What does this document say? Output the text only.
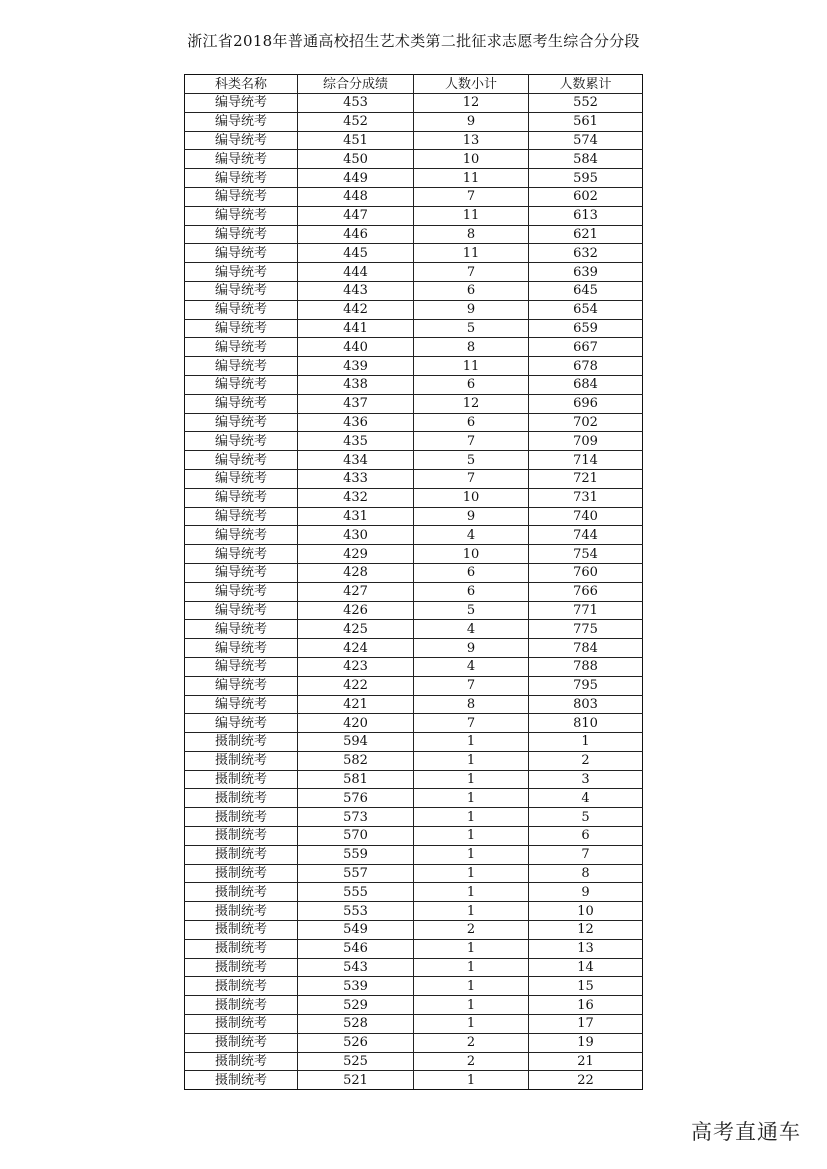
浙江省2018年普通高校招生艺术类第二批征求志愿考生综合分分段
科类名称	综合分成绩	人数小计	人数累计
编导统考	453	12	552
编导统考	452	9	561
编导统考	451	13	574
编导统考	450	10	584
编导统考	449	11	595
编导统考	448	7	602
编导统考	447	11	613
编导统考	446	8	621
编导统考	445	11	632
编导统考	444	7	639
编导统考	443	6	645
编导统考	442	9	654
编导统考	441	5	659
编导统考	440	8	667
编导统考	439	11	678
编导统考	438	6	684
编导统考	437	12	696
编导统考	436	6	702
编导统考	435	7	709
编导统考	434	5	714
编导统考	433	7	721
编导统考	432	10	731
编导统考	431	9	740
编导统考	430	4	744
编导统考	429	10	754
编导统考	428	6	760
编导统考	427	6	766
编导统考	426	5	771
编导统考	425	4	775
编导统考	424	9	784
编导统考	423	4	788
编导统考	422	7	795
编导统考	421	8	803
编导统考	420	7	810
摄制统考	594	1	1
摄制统考	582	1	2
摄制统考	581	1	3
摄制统考	576	1	4
摄制统考	573	1	5
摄制统考	570	1	6
摄制统考	559	1	7
摄制统考	557	1	8
摄制统考	555	1	9
摄制统考	553	1	10
摄制统考	549	2	12
摄制统考	546	1	13
摄制统考	543	1	14
摄制统考	539	1	15
摄制统考	529	1	16
摄制统考	528	1	17
摄制统考	526	2	19
摄制统考	525	2	21
摄制统考	521	1	22
高考直通车
